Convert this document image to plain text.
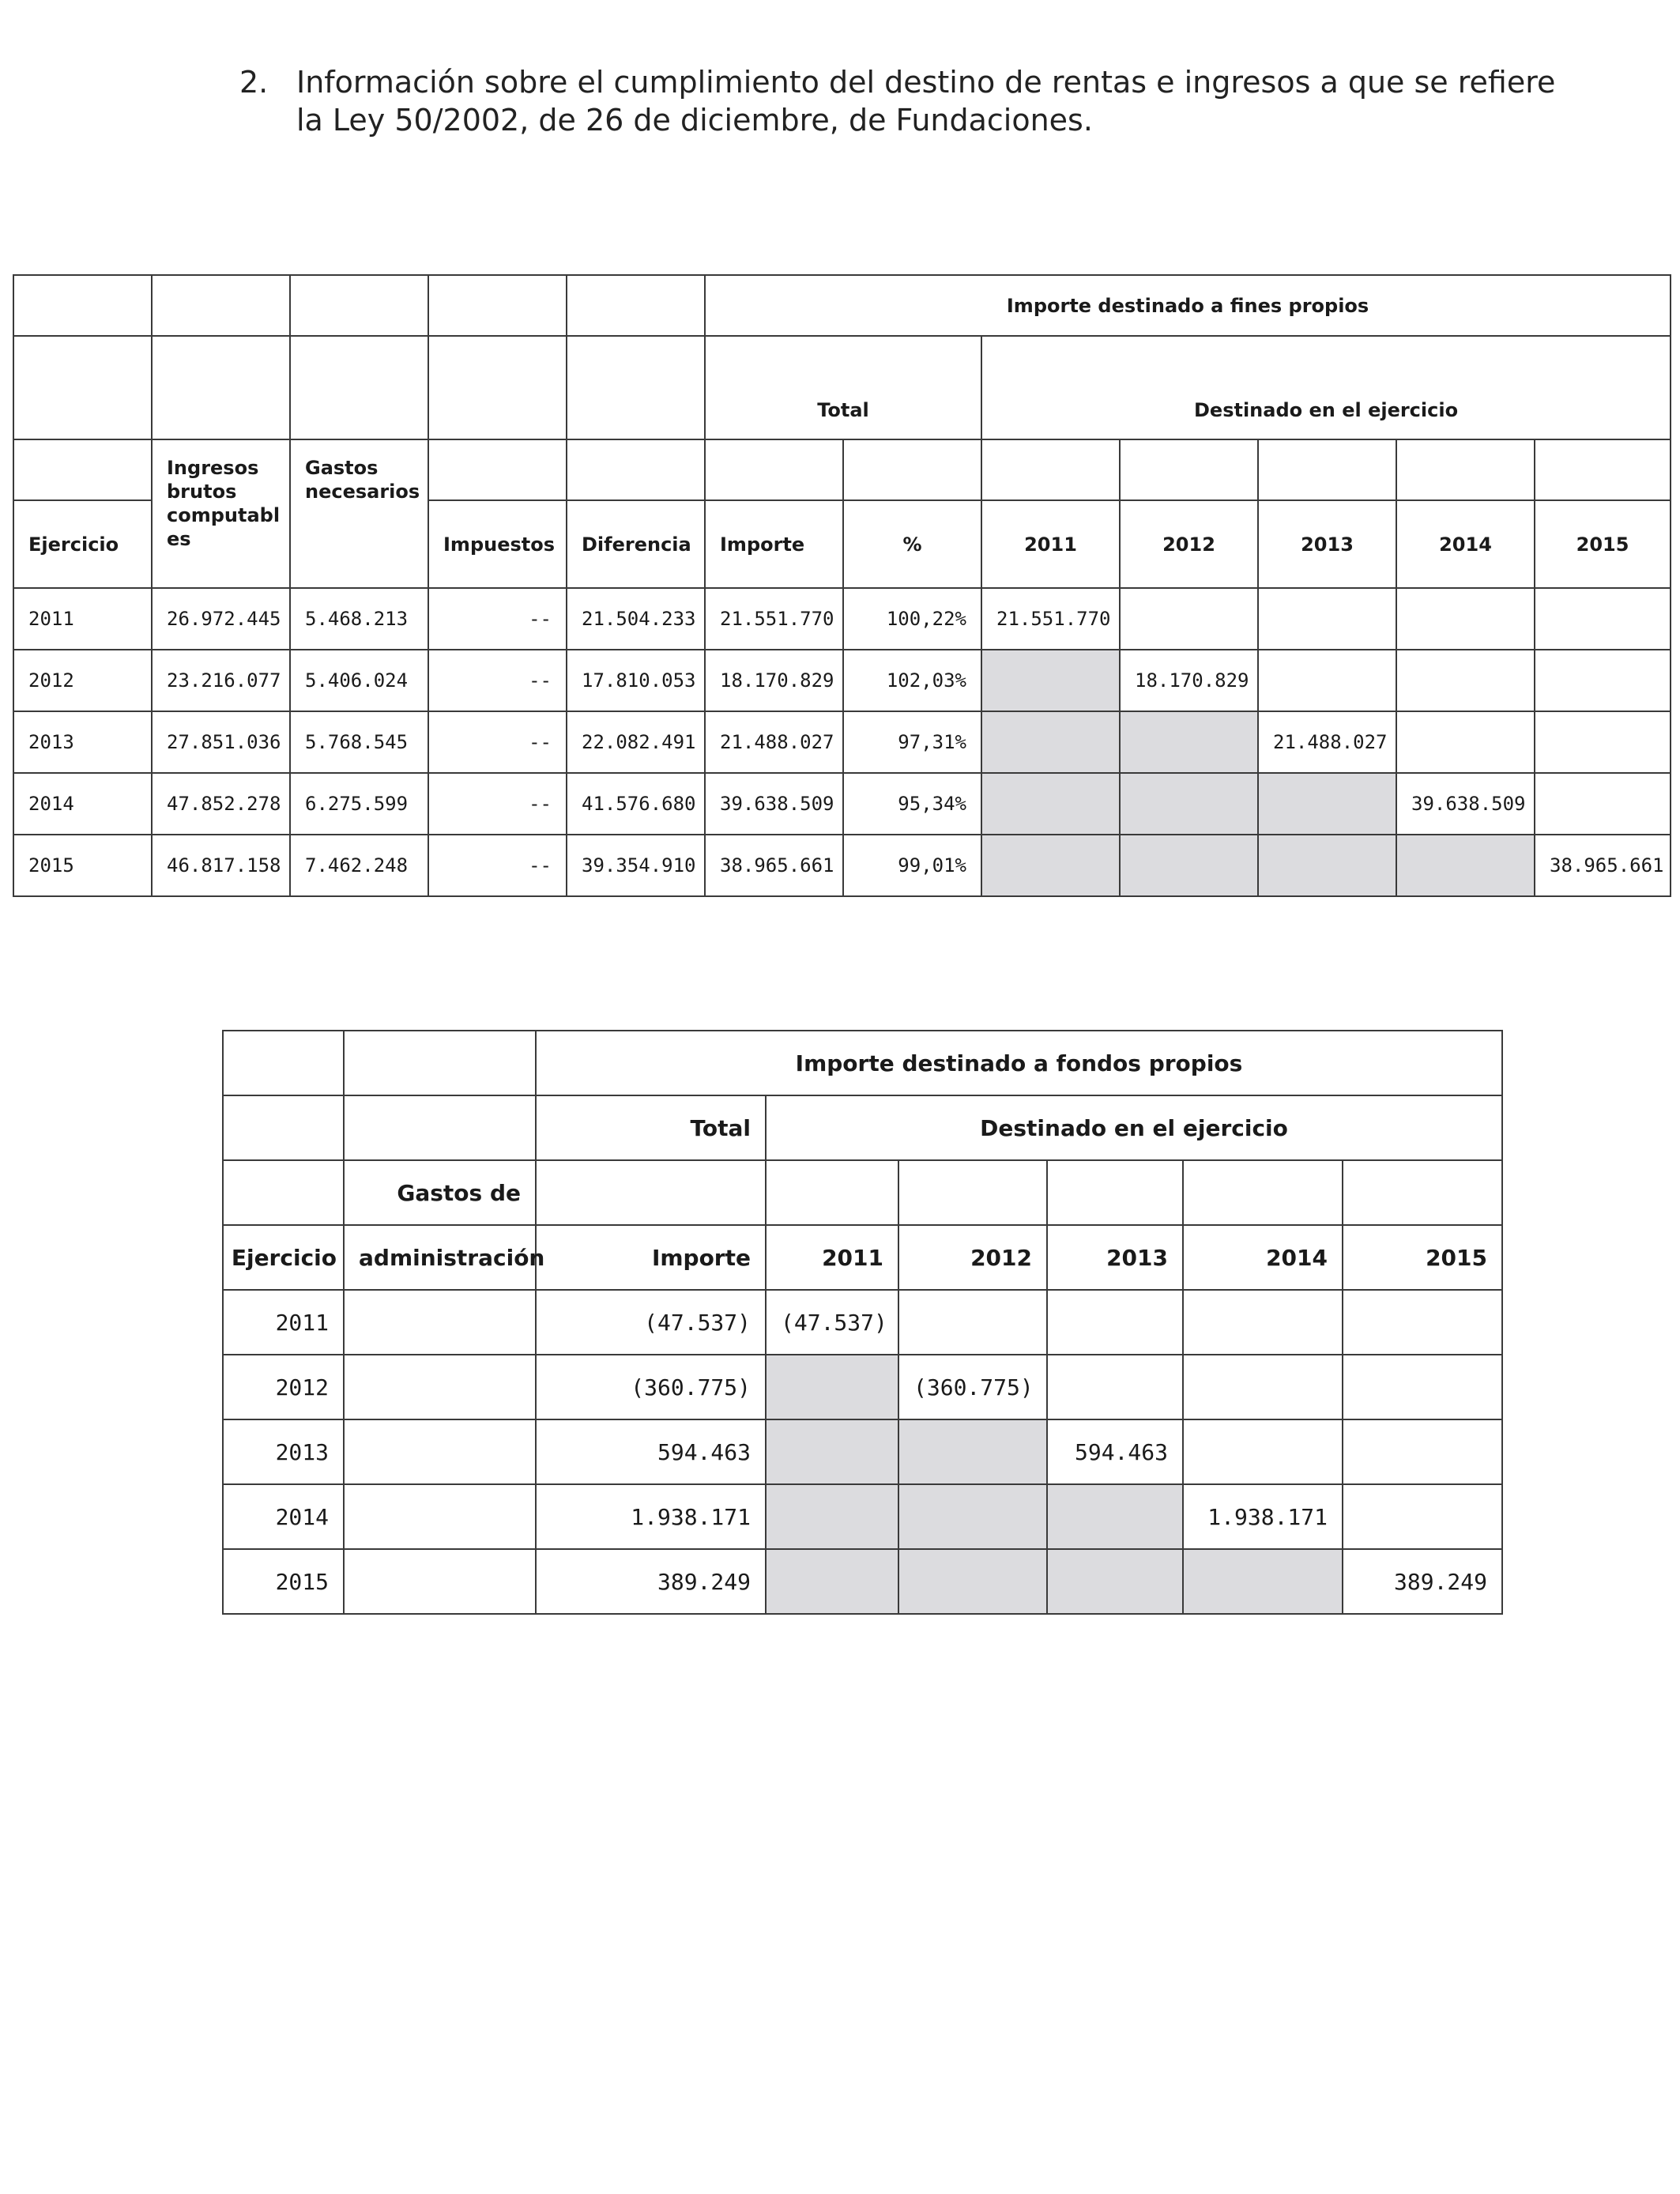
2. Información sobre el cumplimiento del destino de rentas e ingresos a que se refiere
la Ley 50/2002, de 26 de diciembre, de Fundaciones.
					Importe destinado a fines propios						
					Total		Destinado en el ejercicio				

	Ingresos brutos computabl es	Gastos necesarios									

Ejercicio			Impuestos	Diferencia	Importe	%	2011	2012	2013	2014	2015
2011	26.972.445	5.468.213	--	21.504.233	21.551.770	100,22%	21.551.770				
2012	23.216.077	5.406.024	--	17.810.053	18.170.829	102,03%		18.170.829			
2013	27.851.036	5.768.545	--	22.082.491	21.488.027	97,31%			21.488.027		
2014	47.852.278	6.275.599	--	41.576.680	39.638.509	95,34%				39.638.509	
2015	46.817.158	7.462.248	--	39.354.910	38.965.661	99,01%					38.965.661
		Importe destinado a fondos propios					
		Total	Destinado en el ejercicio				
	Gastos de						
Ejercicio	administración	Importe	2011	2012	2013	2014	2015
2011		(47.537)	(47.537)				
2012		(360.775)		(360.775)			
2013		594.463			594.463		
2014		1.938.171				1.938.171	
2015		389.249					389.249
